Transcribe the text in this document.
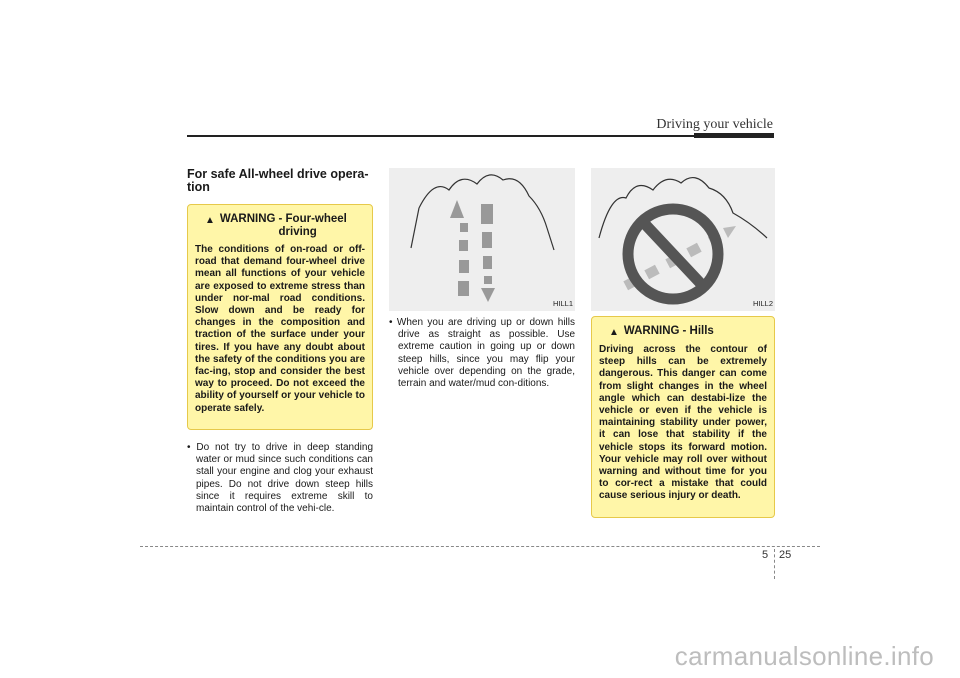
Driving your vehicle
For safe All-wheel drive opera-tion
▲ WARNING - Four-wheel driving
The conditions of on-road or off-road that demand four-wheel drive mean all functions of your vehicle are exposed to extreme stress than under nor-mal road conditions. Slow down and be ready for changes in the composition and traction of the surface under your tires. If you have any doubt about the safety of the conditions you are fac-ing, stop and consider the best way to proceed. Do not exceed the ability of yourself or your vehicle to operate safely.
• Do not try to drive in deep standing water or mud since such conditions can stall your engine and clog your exhaust pipes. Do not drive down steep hills since it requires extreme skill to maintain control of the vehi-cle.
HILL1
• When you are driving up or down hills drive as straight as possible. Use extreme caution in going up or down steep hills, since you may flip your vehicle over depending on the grade, terrain and water/mud con-ditions.
HILL2
▲ WARNING - Hills
Driving across the contour of steep hills can be extremely dangerous. This danger can come from slight changes in the wheel angle which can destabi-lize the vehicle or even if the vehicle is maintaining stability under power, it can lose that stability if the vehicle stops its forward motion. Your vehicle may roll over without warning and without time for you to cor-rect a mistake that could cause serious injury or death.
5 25
carmanualsonline.info
